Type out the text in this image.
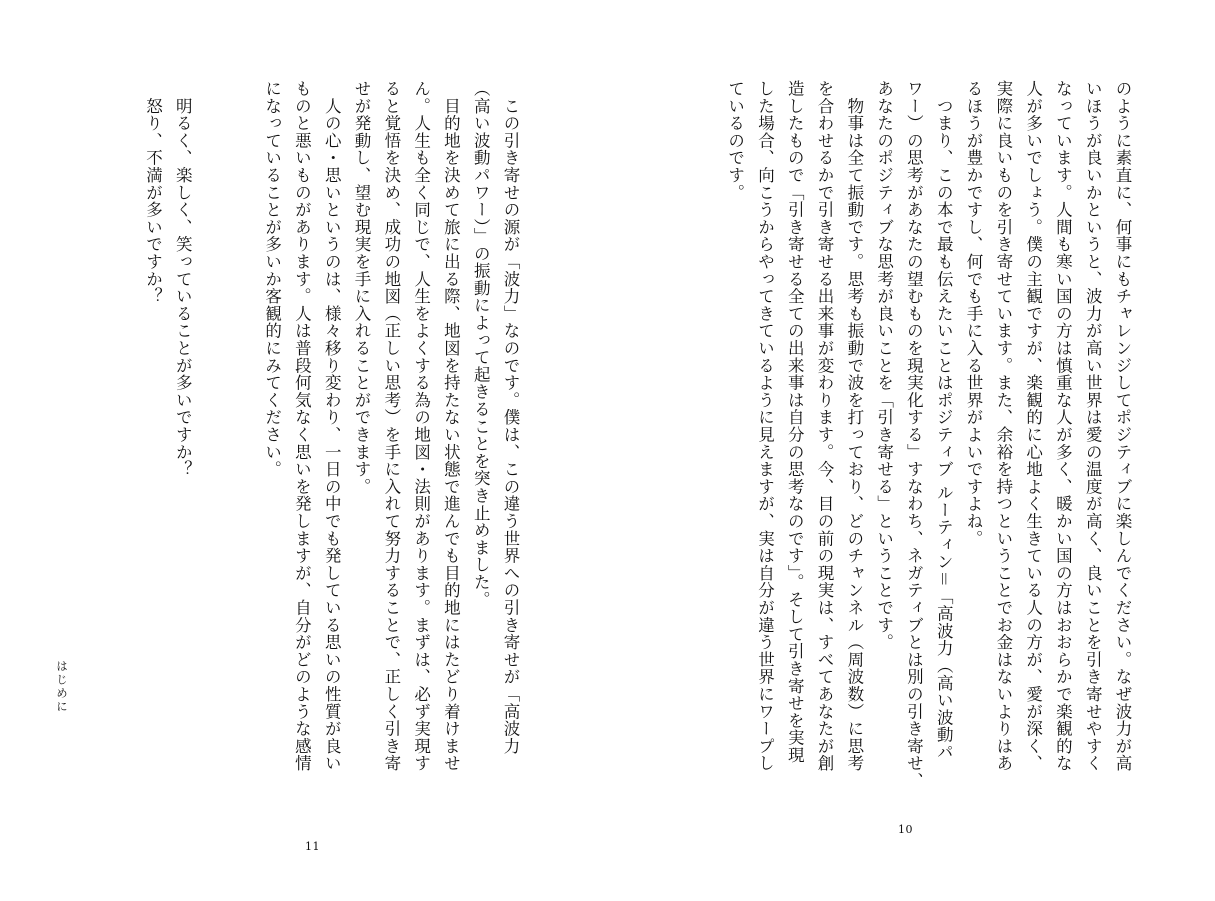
のように素直に、何事にもチャレンジしてポジティブに楽しんでください。なぜ波力が高
いほうが良いかというと、波力が高い世界は愛の温度が高く、良いことを引き寄せやすく
なっています。人間も寒い国の方は慎重な人が多く、暖かい国の方はおおらかで楽観的な
人が多いでしょう。僕の主観ですが、楽観的に心地よく生きている人の方が、愛が深く、
実際に良いものを引き寄せています。また、余裕を持つということでお金はないよりはあ
るほうが豊かですし、何でも手に入る世界がよいですよね。
　つまり、この本で最も伝えたいことはポジティブ ルーティン＝「高波力（高い波動パ
ワー）の思考があなたの望むものを現実化する」すなわち、ネガティブとは別の引き寄せ、
あなたのポジティブな思考が良いことを「引き寄せる」ということです。
　物事は全て振動です。思考も振動で波を打っており、どのチャンネル（周波数）に思考
を合わせるかで引き寄せる出来事が変わります。今、目の前の現実は、すべてあなたが創
造したもので「引き寄せる全ての出来事は自分の思考なのです」。そして引き寄せを実現
した場合、向こうからやってきているように見えますが、実は自分が違う世界にワープし
ているのです。
10
　この引き寄せの源が「波力」なのです。僕は、この違う世界への引き寄せが「高波力
（高い波動パワー）」の振動によって起きることを突き止めました。
　目的地を決めて旅に出る際、地図を持たない状態で進んでも目的地にはたどり着けませ
ん。人生も全く同じで、人生をよくする為の地図・法則があります。まずは、必ず実現す
ると覚悟を決め、成功の地図（正しい思考）を手に入れて努力することで、正しく引き寄
せが発動し、望む現実を手に入れることができます。
　人の心・思いというのは、様々移り変わり、一日の中でも発している思いの性質が良い
ものと悪いものがあります。人は普段何気なく思いを発しますが、自分がどのような感情
になっていることが多いか客観的にみてください。
　明るく、楽しく、笑っていることが多いですか？
　怒り、不満が多いですか？
はじめに
11
